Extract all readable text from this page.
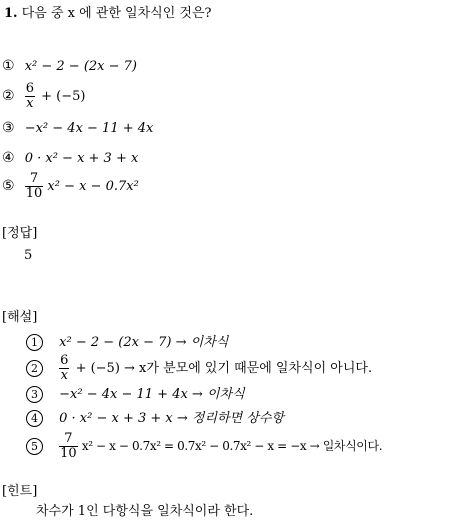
1. 다음 중 x 에 관한 일차식인 것은?
① x² − 2 − (2x − 7)
② $\frac{6}{x} + (-5)$
③ −x² − 4x − 11 + 4x
④ 0 · x² − x + 3 + x
⑤ $\frac{7}{10} x^2 - x - 0.7x^2$
[정답]
5
[해설]
1 x² − 2 − (2x − 7) → 이차식
$2 \frac{6}{x} + (-5) \to x$가 분모에 있기 때문에 일차식이 아니다.
3 −x² − 4x − 11 + 4x → 이차식
4 0 · x² − x + 3 + x → 정리하면 상수항
$5 \frac{7}{10} x^2 - x - 0.7x^2 = 0.7x^2 - 0.7x^2 - x = -x$ → 일차식이다.
[힌트]
차수가 1인 다항식을 일차식이라 한다.
